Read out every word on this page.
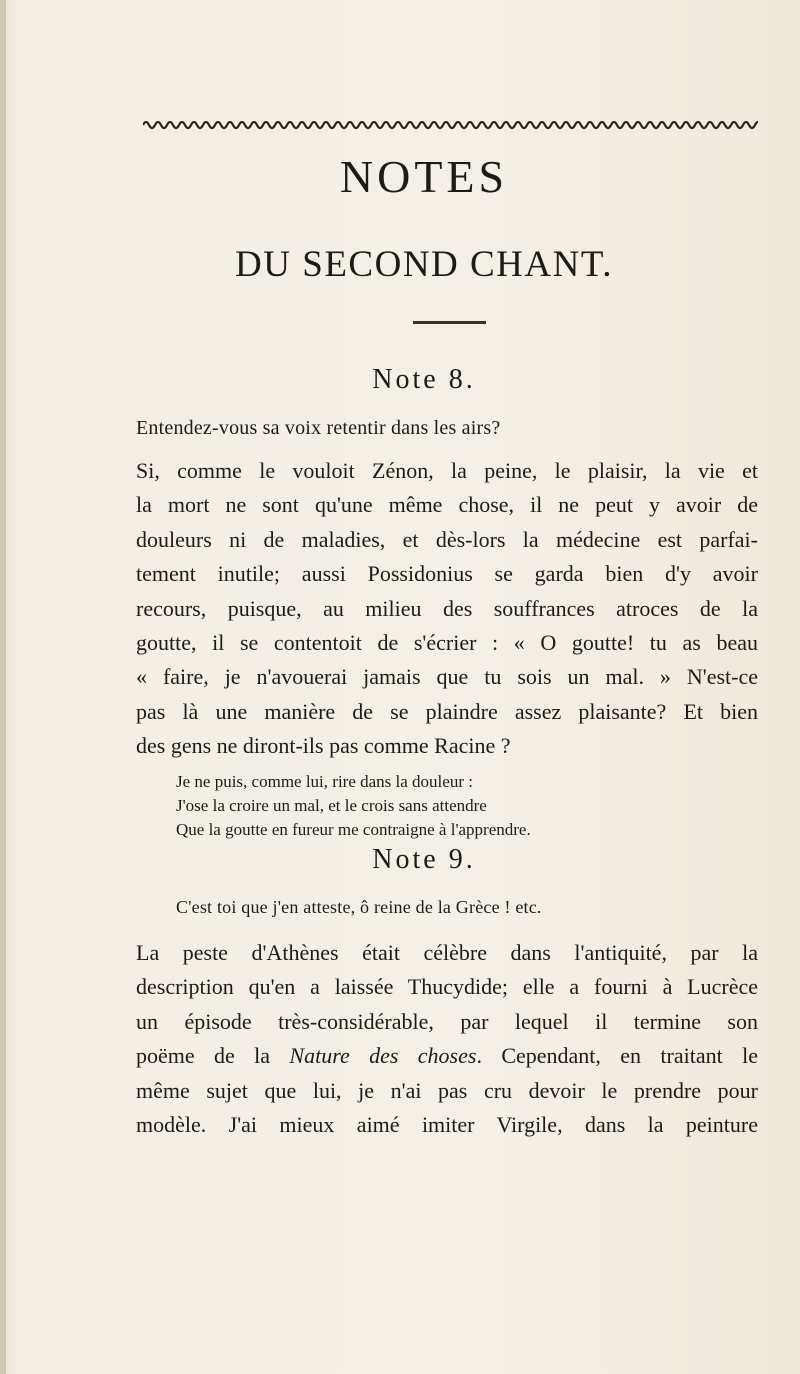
NOTES
DU SECOND CHANT.
Note 8.

Entendez-vous sa voix retentir dans les airs?

Si, comme le vouloit Zénon, la peine, le plaisir, la vie et
la mort ne sont qu'une même chose, il ne peut y avoir de
douleurs ni de maladies, et dès-lors la médecine est parfai-
tement inutile; aussi Possidonius se garda bien d'y avoir
recours, puisque, au milieu des souffrances atroces de la
goutte, il se contentoit de s'écrier : « O goutte! tu as beau
« faire, je n'avouerai jamais que tu sois un mal. » N'est-ce
pas là une manière de se plaindre assez plaisante? Et bien
des gens ne diront-ils pas comme Racine ?
Je ne puis, comme lui, rire dans la douleur :
J'ose la croire un mal, et le crois sans attendre
Que la goutte en fureur me contraigne à l'apprendre.
Note 9.

C'est toi que j'en atteste, ô reine de la Grèce ! etc.

La peste d'Athènes était célèbre dans l'antiquité, par la
description qu'en a laissée Thucydide; elle a fourni à Lucrèce
un épisode très-considérable, par lequel il termine son
poëme de la Nature des choses. Cependant, en traitant le
même sujet que lui, je n'ai pas cru devoir le prendre pour
modèle. J'ai mieux aimé imiter Virgile, dans la peinture
